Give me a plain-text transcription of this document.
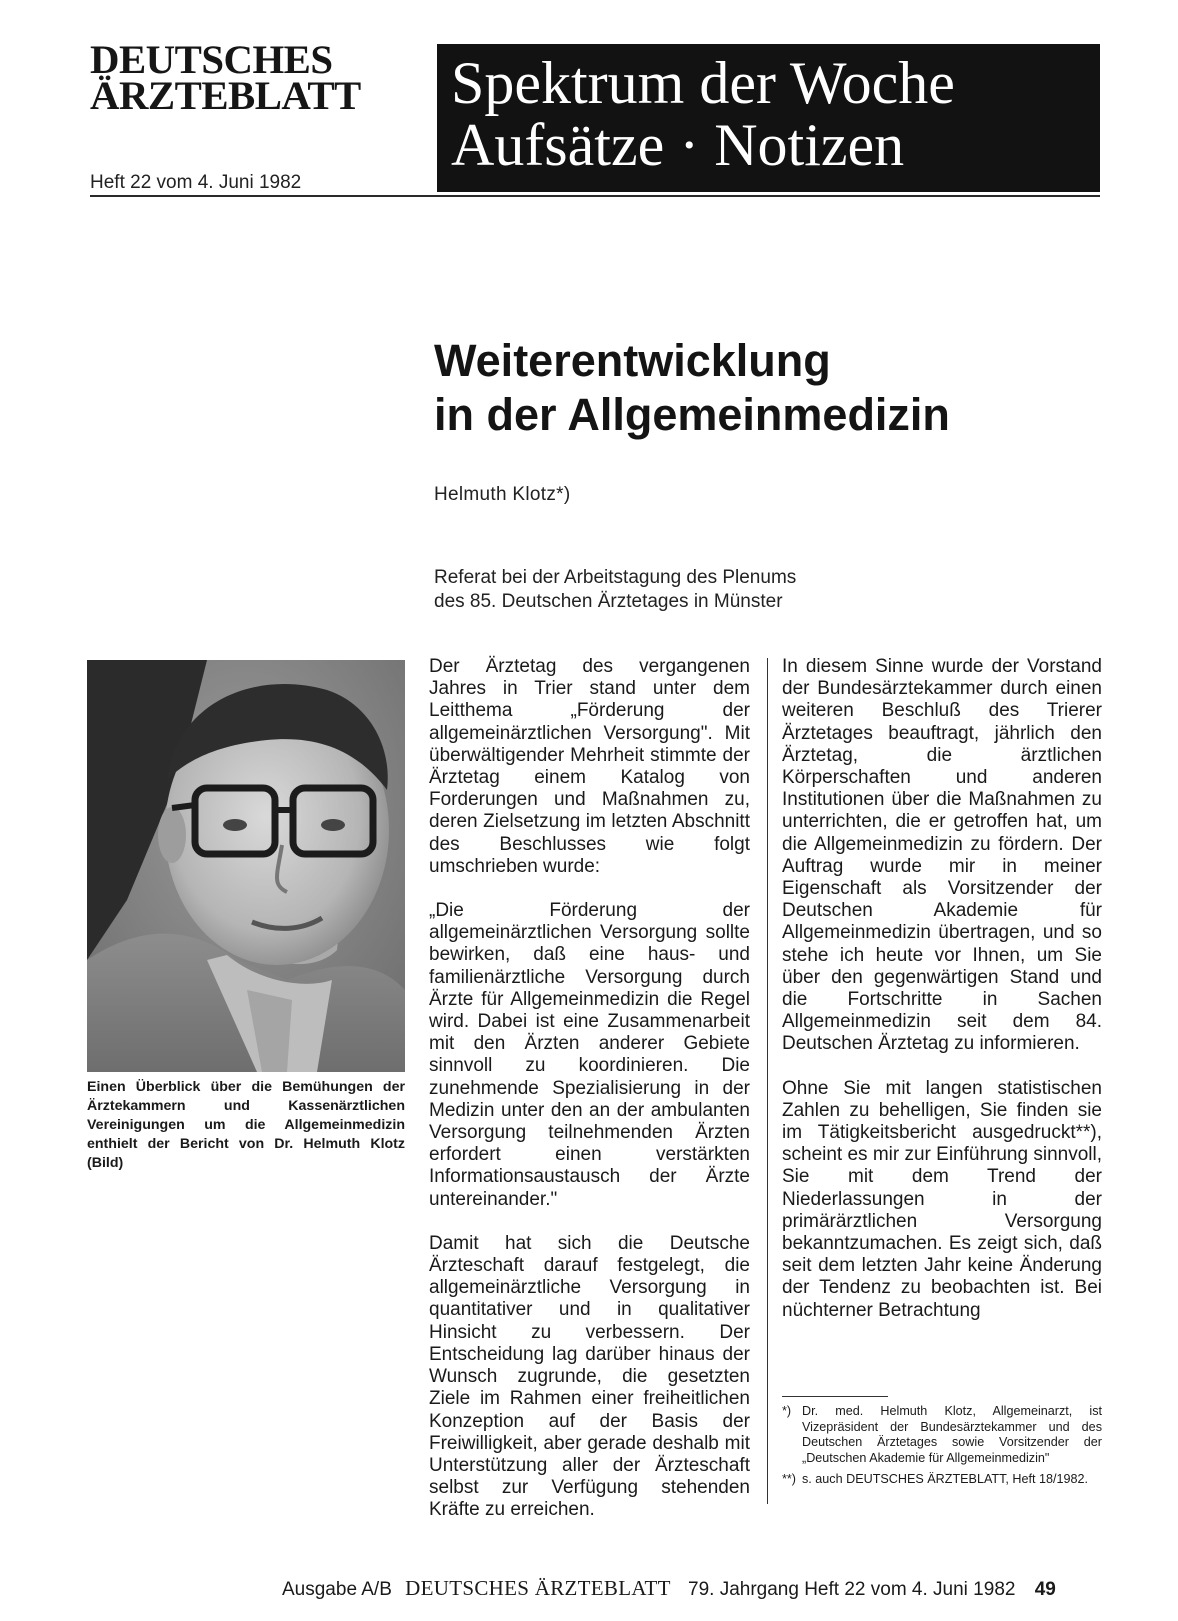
DEUTSCHES
ÄRZTEBLATT
Heft 22 vom 4. Juni 1982
Spektrum der Woche
Aufsätze · Notizen
Weiterentwicklung
in der Allgemeinmedizin
Helmuth Klotz*)
Referat bei der Arbeitstagung des Plenums
des 85. Deutschen Ärztetages in Münster
Einen Überblick über die Bemühungen der Ärztekammern und Kassenärztlichen Vereinigungen um die Allgemeinmedizin enthielt der Bericht von Dr. Helmuth Klotz (Bild)

Der Ärztetag des vergangenen Jahres in Trier stand unter dem Leitthema „Förderung der allgemeinärztlichen Versorgung". Mit überwältigender Mehrheit stimmte der Ärztetag einem Katalog von Forderungen und Maßnahmen zu, deren Zielsetzung im letzten Abschnitt des Beschlusses wie folgt umschrieben wurde:

„Die Förderung der allgemeinärztlichen Versorgung sollte bewirken, daß eine haus- und familienärztliche Versorgung durch Ärzte für Allgemeinmedizin die Regel wird. Dabei ist eine Zusammenarbeit mit den Ärzten anderer Gebiete sinnvoll zu koordinieren. Die zunehmende Spezialisierung in der Medizin unter den an der ambulanten Versorgung teilnehmenden Ärzten erfordert einen verstärkten Informationsaustausch der Ärzte untereinander."

Damit hat sich die Deutsche Ärzteschaft darauf festgelegt, die allgemeinärztliche Versorgung in quantitativer und in qualitativer Hinsicht zu verbessern. Der Entscheidung lag darüber hinaus der Wunsch zugrunde, die gesetzten Ziele im Rahmen einer freiheitlichen Konzeption auf der Basis der Freiwilligkeit, aber gerade deshalb mit Unterstützung aller der Ärzteschaft selbst zur Verfügung stehenden Kräfte zu erreichen.

In diesem Sinne wurde der Vorstand der Bundesärztekammer durch einen weiteren Beschluß des Trierer Ärztetages beauftragt, jährlich den Ärztetag, die ärztlichen Körperschaften und anderen Institutionen über die Maßnahmen zu unterrichten, die er getroffen hat, um die Allgemeinmedizin zu fördern. Der Auftrag wurde mir in meiner Eigenschaft als Vorsitzender der Deutschen Akademie für Allgemeinmedizin übertragen, und so stehe ich heute vor Ihnen, um Sie über den gegenwärtigen Stand und die Fortschritte in Sachen Allgemeinmedizin seit dem 84. Deutschen Ärztetag zu informieren.

Ohne Sie mit langen statistischen Zahlen zu behelligen, Sie finden sie im Tätigkeitsbericht ausgedruckt**), scheint es mir zur Einführung sinnvoll, Sie mit dem Trend der Niederlassungen in der primärärztlichen Versorgung bekanntzumachen. Es zeigt sich, daß seit dem letzten Jahr keine Änderung der Tendenz zu beobachten ist. Bei nüchterner Betrachtung

*) Dr. med. Helmuth Klotz, Allgemeinarzt, ist Vizepräsident der Bundesärztekammer und des Deutschen Ärztetages sowie Vorsitzender der „Deutschen Akademie für Allgemeinmedizin"
**) s. auch DEUTSCHES ÄRZTEBLATT, Heft 18/1982.
Ausgabe A/B DEUTSCHES ÄRZTEBLATT 79. Jahrgang Heft 22 vom 4. Juni 1982 49
